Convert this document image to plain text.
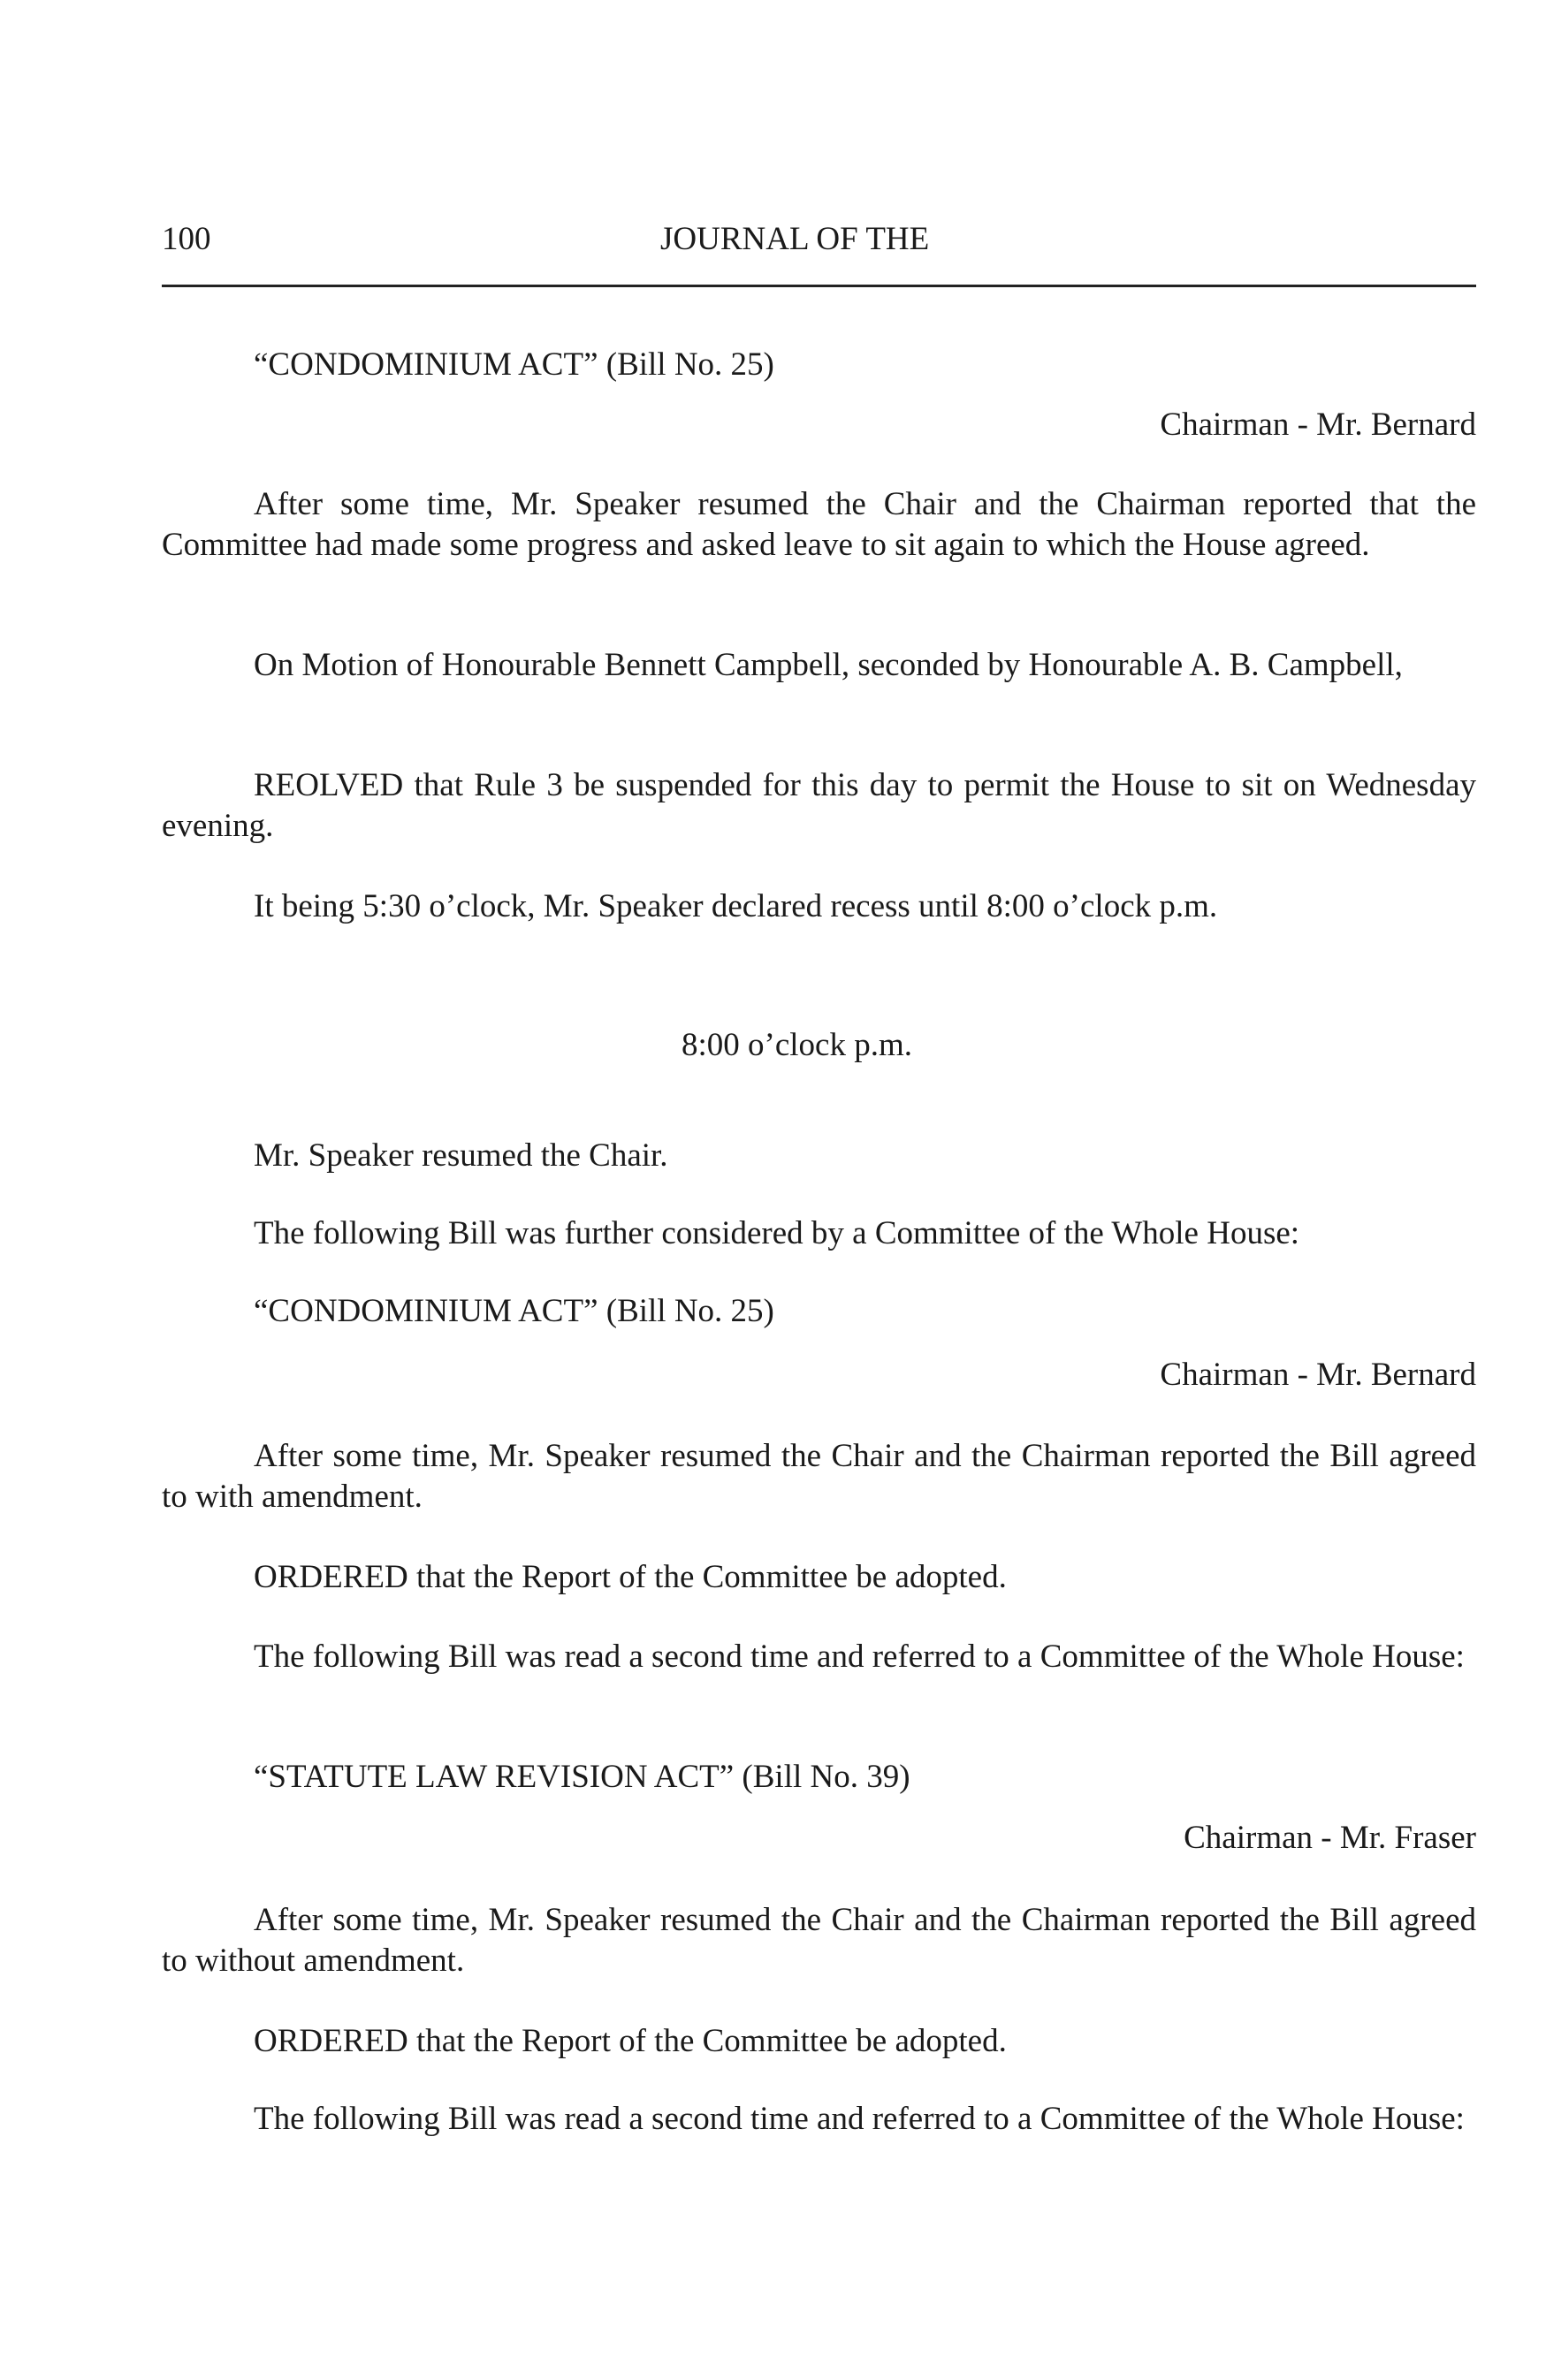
100	JOURNAL OF THE
“CONDOMINIUM ACT” (Bill No. 25)
Chairman - Mr. Bernard
After some time, Mr. Speaker resumed the Chair and the Chairman reported that the Committee had made some progress and asked leave to sit again to which the House agreed.
On Motion of Honourable Bennett Campbell, seconded by Honourable A. B. Campbell,
REOLVED that Rule 3 be suspended for this day to permit the House to sit on Wednesday evening.
It being 5:30 o’clock, Mr. Speaker declared recess until 8:00 o’clock p.m.
8:00 o’clock p.m.
Mr. Speaker resumed the Chair.
The following Bill was further considered by a Committee of the Whole House:
“CONDOMINIUM ACT” (Bill No. 25)
Chairman - Mr. Bernard
After some time, Mr. Speaker resumed the Chair and the Chairman reported the Bill agreed to with amendment.
ORDERED that the Report of the Committee be adopted.
The following Bill was read a second time and referred to a Committee of the Whole House:
“STATUTE LAW REVISION ACT” (Bill No. 39)
Chairman - Mr. Fraser
After some time, Mr. Speaker resumed the Chair and the Chairman reported the Bill agreed to without amendment.
ORDERED that the Report of the Committee be adopted.
The following Bill was read a second time and referred to a Committee of the Whole House:
